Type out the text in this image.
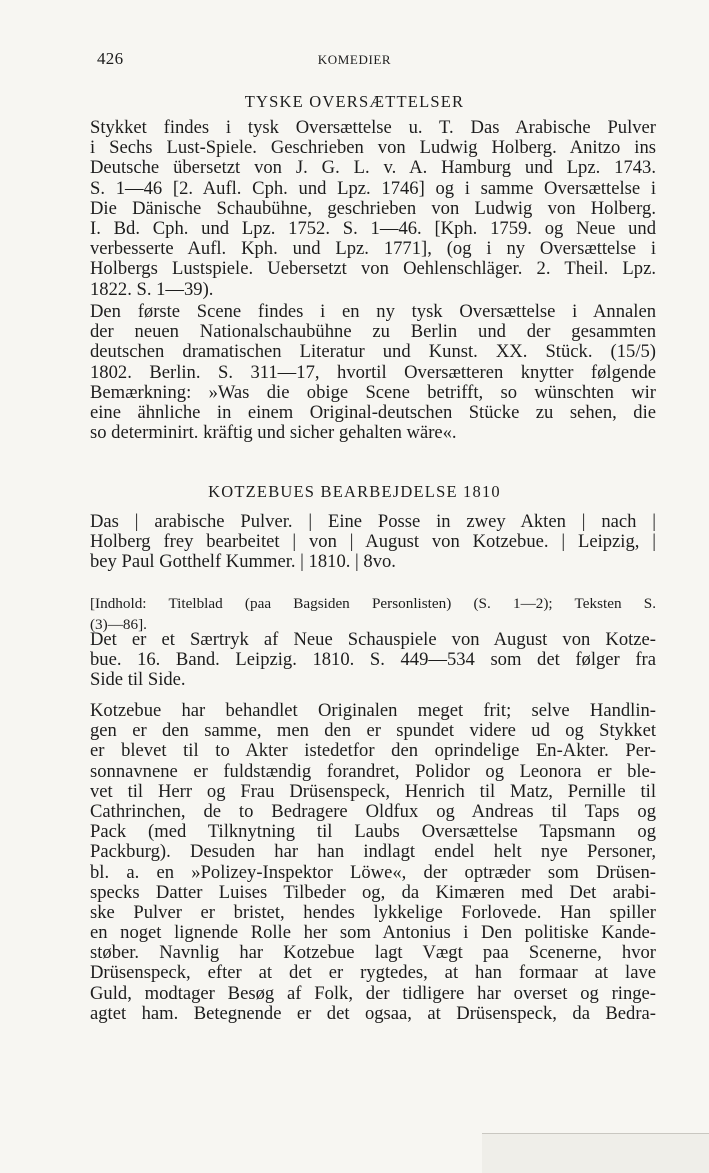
426	KOMEDIER
TYSKE OVERSÆTTELSER
Stykket findes i tysk Oversættelse u. T. Das Arabische Pulver
i Sechs Lust-Spiele. Geschrieben von Ludwig Holberg. Anitzo ins
Deutsche übersetzt von J. G. L. v. A. Hamburg und Lpz. 1743.
S. 1—46 [2. Aufl. Cph. und Lpz. 1746] og i samme Oversættelse i
Die Dänische Schaubühne, geschrieben von Ludwig von Holberg.
I. Bd. Cph. und Lpz. 1752. S. 1—46. [Kph. 1759. og Neue und
verbesserte Aufl. Kph. und Lpz. 1771], (og i ny Oversættelse i
Holbergs Lustspiele. Uebersetzt von Oehlenschläger. 2. Theil. Lpz.
1822. S. 1—39).
Den første Scene findes i en ny tysk Oversættelse i Annalen
der neuen Nationalschaubühne zu Berlin und der gesammten
deutschen dramatischen Literatur und Kunst. XX. Stück. (15/5)
1802. Berlin. S. 311—17, hvortil Oversætteren knytter følgende
Bemærkning: »Was die obige Scene betrifft, so wünschten wir
eine ähnliche in einem Original-deutschen Stücke zu sehen, die
so determinirt. kräftig und sicher gehalten wäre«.
KOTZEBUES BEARBEJDELSE 1810
Das | arabische Pulver. | Eine Posse in zwey Akten | nach |
Holberg frey bearbeitet | von | August von Kotzebue. | Leipzig, |
bey Paul Gotthelf Kummer. | 1810. | 8vo.
[Indhold: Titelblad (paa Bagsiden Personlisten) (S. 1—2); Teksten S.
(3)—86].
Det er et Særtryk af Neue Schauspiele von August von Kotze-
bue. 16. Band. Leipzig. 1810. S. 449—534 som det følger fra
Side til Side.
Kotzebue har behandlet Originalen meget frit; selve Handlin-
gen er den samme, men den er spundet videre ud og Stykket
er blevet til to Akter istedetfor den oprindelige En-Akter. Per-
sonnavnene er fuldstændig forandret, Polidor og Leonora er ble-
vet til Herr og Frau Drüsenspeck, Henrich til Matz, Pernille til
Cathrinchen, de to Bedragere Oldfux og Andreas til Taps og
Pack (med Tilknytning til Laubs Oversættelse Tapsmann og
Packburg). Desuden har han indlagt endel helt nye Personer,
bl. a. en »Polizey-Inspektor Löwe«, der optræder som Drüsen-
specks Datter Luises Tilbeder og, da Kimæren med Det arabi-
ske Pulver er bristet, hendes lykkelige Forlovede. Han spiller
en noget lignende Rolle her som Antonius i Den politiske Kande-
støber. Navnlig har Kotzebue lagt Vægt paa Scenerne, hvor
Drüsenspeck, efter at det er rygtedes, at han formaar at lave
Guld, modtager Besøg af Folk, der tidligere har overset og ringe-
agtet ham. Betegnende er det ogsaa, at Drüsenspeck, da Bedra-
